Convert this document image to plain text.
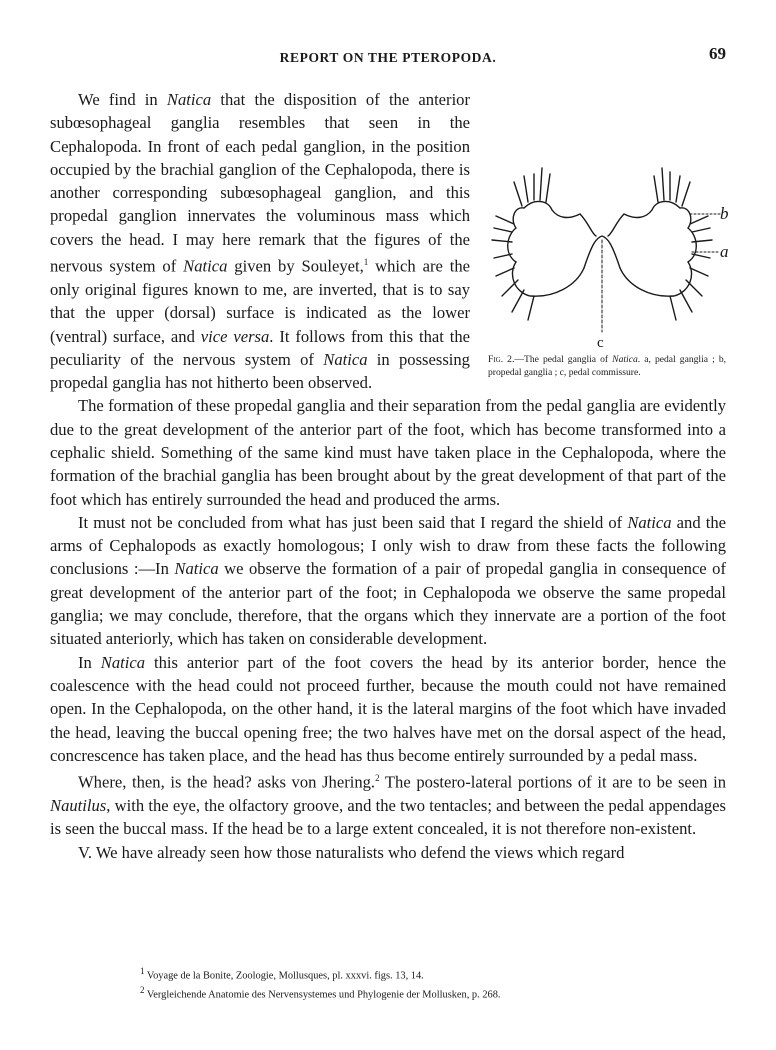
REPORT ON THE PTEROPODA.	69
b
a
c
Fig. 2.—The pedal ganglia of Natica. a, pedal ganglia ; b, propedal ganglia ; c, pedal commissure.

We find in Natica that the disposition of the anterior subœsophageal ganglia resembles that seen in the Cephalopoda. In front of each pedal ganglion, in the position occupied by the brachial ganglion of the Cephalopoda, there is another corresponding subœsophageal ganglion, and this propedal ganglion innervates the voluminous mass which covers the head. I may here remark that the figures of the nervous system of Natica given by Souleyet,$^1$ which are the only original figures known to me, are inverted, that is to say that the upper (dorsal) surface is indicated as the lower (ventral) surface, and vice versa. It follows from this that the peculiarity of the nervous system of Natica in possessing propedal ganglia has not hitherto been observed.

The formation of these propedal ganglia and their separation from the pedal ganglia are evidently due to the great development of the anterior part of the foot, which has become transformed into a cephalic shield. Something of the same kind must have taken place in the Cephalopoda, where the formation of the brachial ganglia has been brought about by the great development of that part of the foot which has entirely surrounded the head and produced the arms.

It must not be concluded from what has just been said that I regard the shield of Natica and the arms of Cephalopods as exactly homologous; I only wish to draw from these facts the following conclusions :—In Natica we observe the formation of a pair of propedal ganglia in consequence of great development of the anterior part of the foot; in Cephalopoda we observe the same propedal ganglia; we may conclude, therefore, that the organs which they innervate are a portion of the foot situated anteriorly, which has taken on considerable development.

In Natica this anterior part of the foot covers the head by its anterior border, hence the coalescence with the head could not proceed further, because the mouth could not have remained open. In the Cephalopoda, on the other hand, it is the lateral margins of the foot which have invaded the head, leaving the buccal opening free; the two halves have met on the dorsal aspect of the head, concrescence has taken place, and the head has thus become entirely surrounded by a pedal mass.

Where, then, is the head? asks von Jhering.$^2$ The postero-lateral portions of it are to be seen in Nautilus, with the eye, the olfactory groove, and the two tentacles; and between the pedal appendages is seen the buccal mass. If the head be to a large extent concealed, it is not therefore non-existent.

V. We have already seen how those naturalists who defend the views which regard

$^1$ Voyage de la Bonite, Zoologie, Mollusques, pl. xxxvi. figs. 13, 14.
$^2$ Vergleichende Anatomie des Nervensystemes und Phylogenie der Mollusken, p. 268.
